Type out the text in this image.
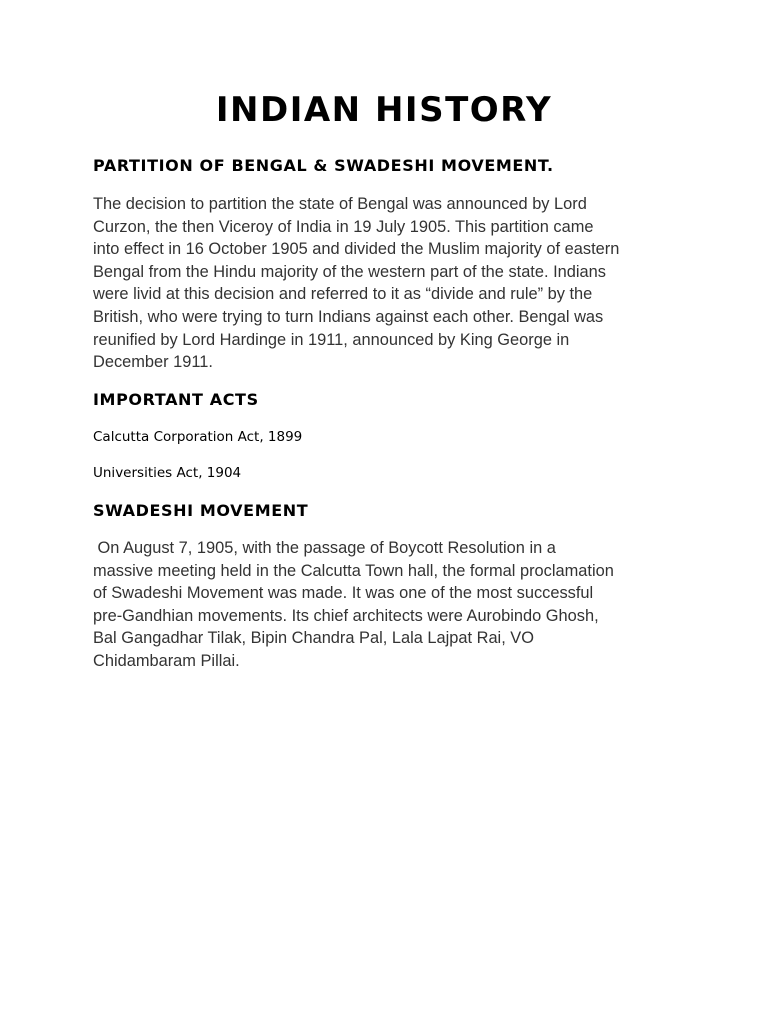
INDIAN HISTORY
PARTITION OF BENGAL & SWADESHI MOVEMENT.
The decision to partition the state of Bengal was announced by Lord
Curzon, the then Viceroy of India in 19 July 1905. This partition came
into effect in 16 October 1905 and divided the Muslim majority of eastern
Bengal from the Hindu majority of the western part of the state. Indians
were livid at this decision and referred to it as “divide and rule” by the
British, who were trying to turn Indians against each other. Bengal was
reunified by Lord Hardinge in 1911, announced by King George in
December 1911.
IMPORTANT ACTS

Calcutta Corporation Act, 1899

Universities Act, 1904

SWADESHI MOVEMENT
On August 7, 1905, with the passage of Boycott Resolution in a
massive meeting held in the Calcutta Town hall, the formal proclamation
of Swadeshi Movement was made. It was one of the most successful
pre-Gandhian movements. Its chief architects were Aurobindo Ghosh,
Bal Gangadhar Tilak, Bipin Chandra Pal, Lala Lajpat Rai, VO
Chidambaram Pillai.
